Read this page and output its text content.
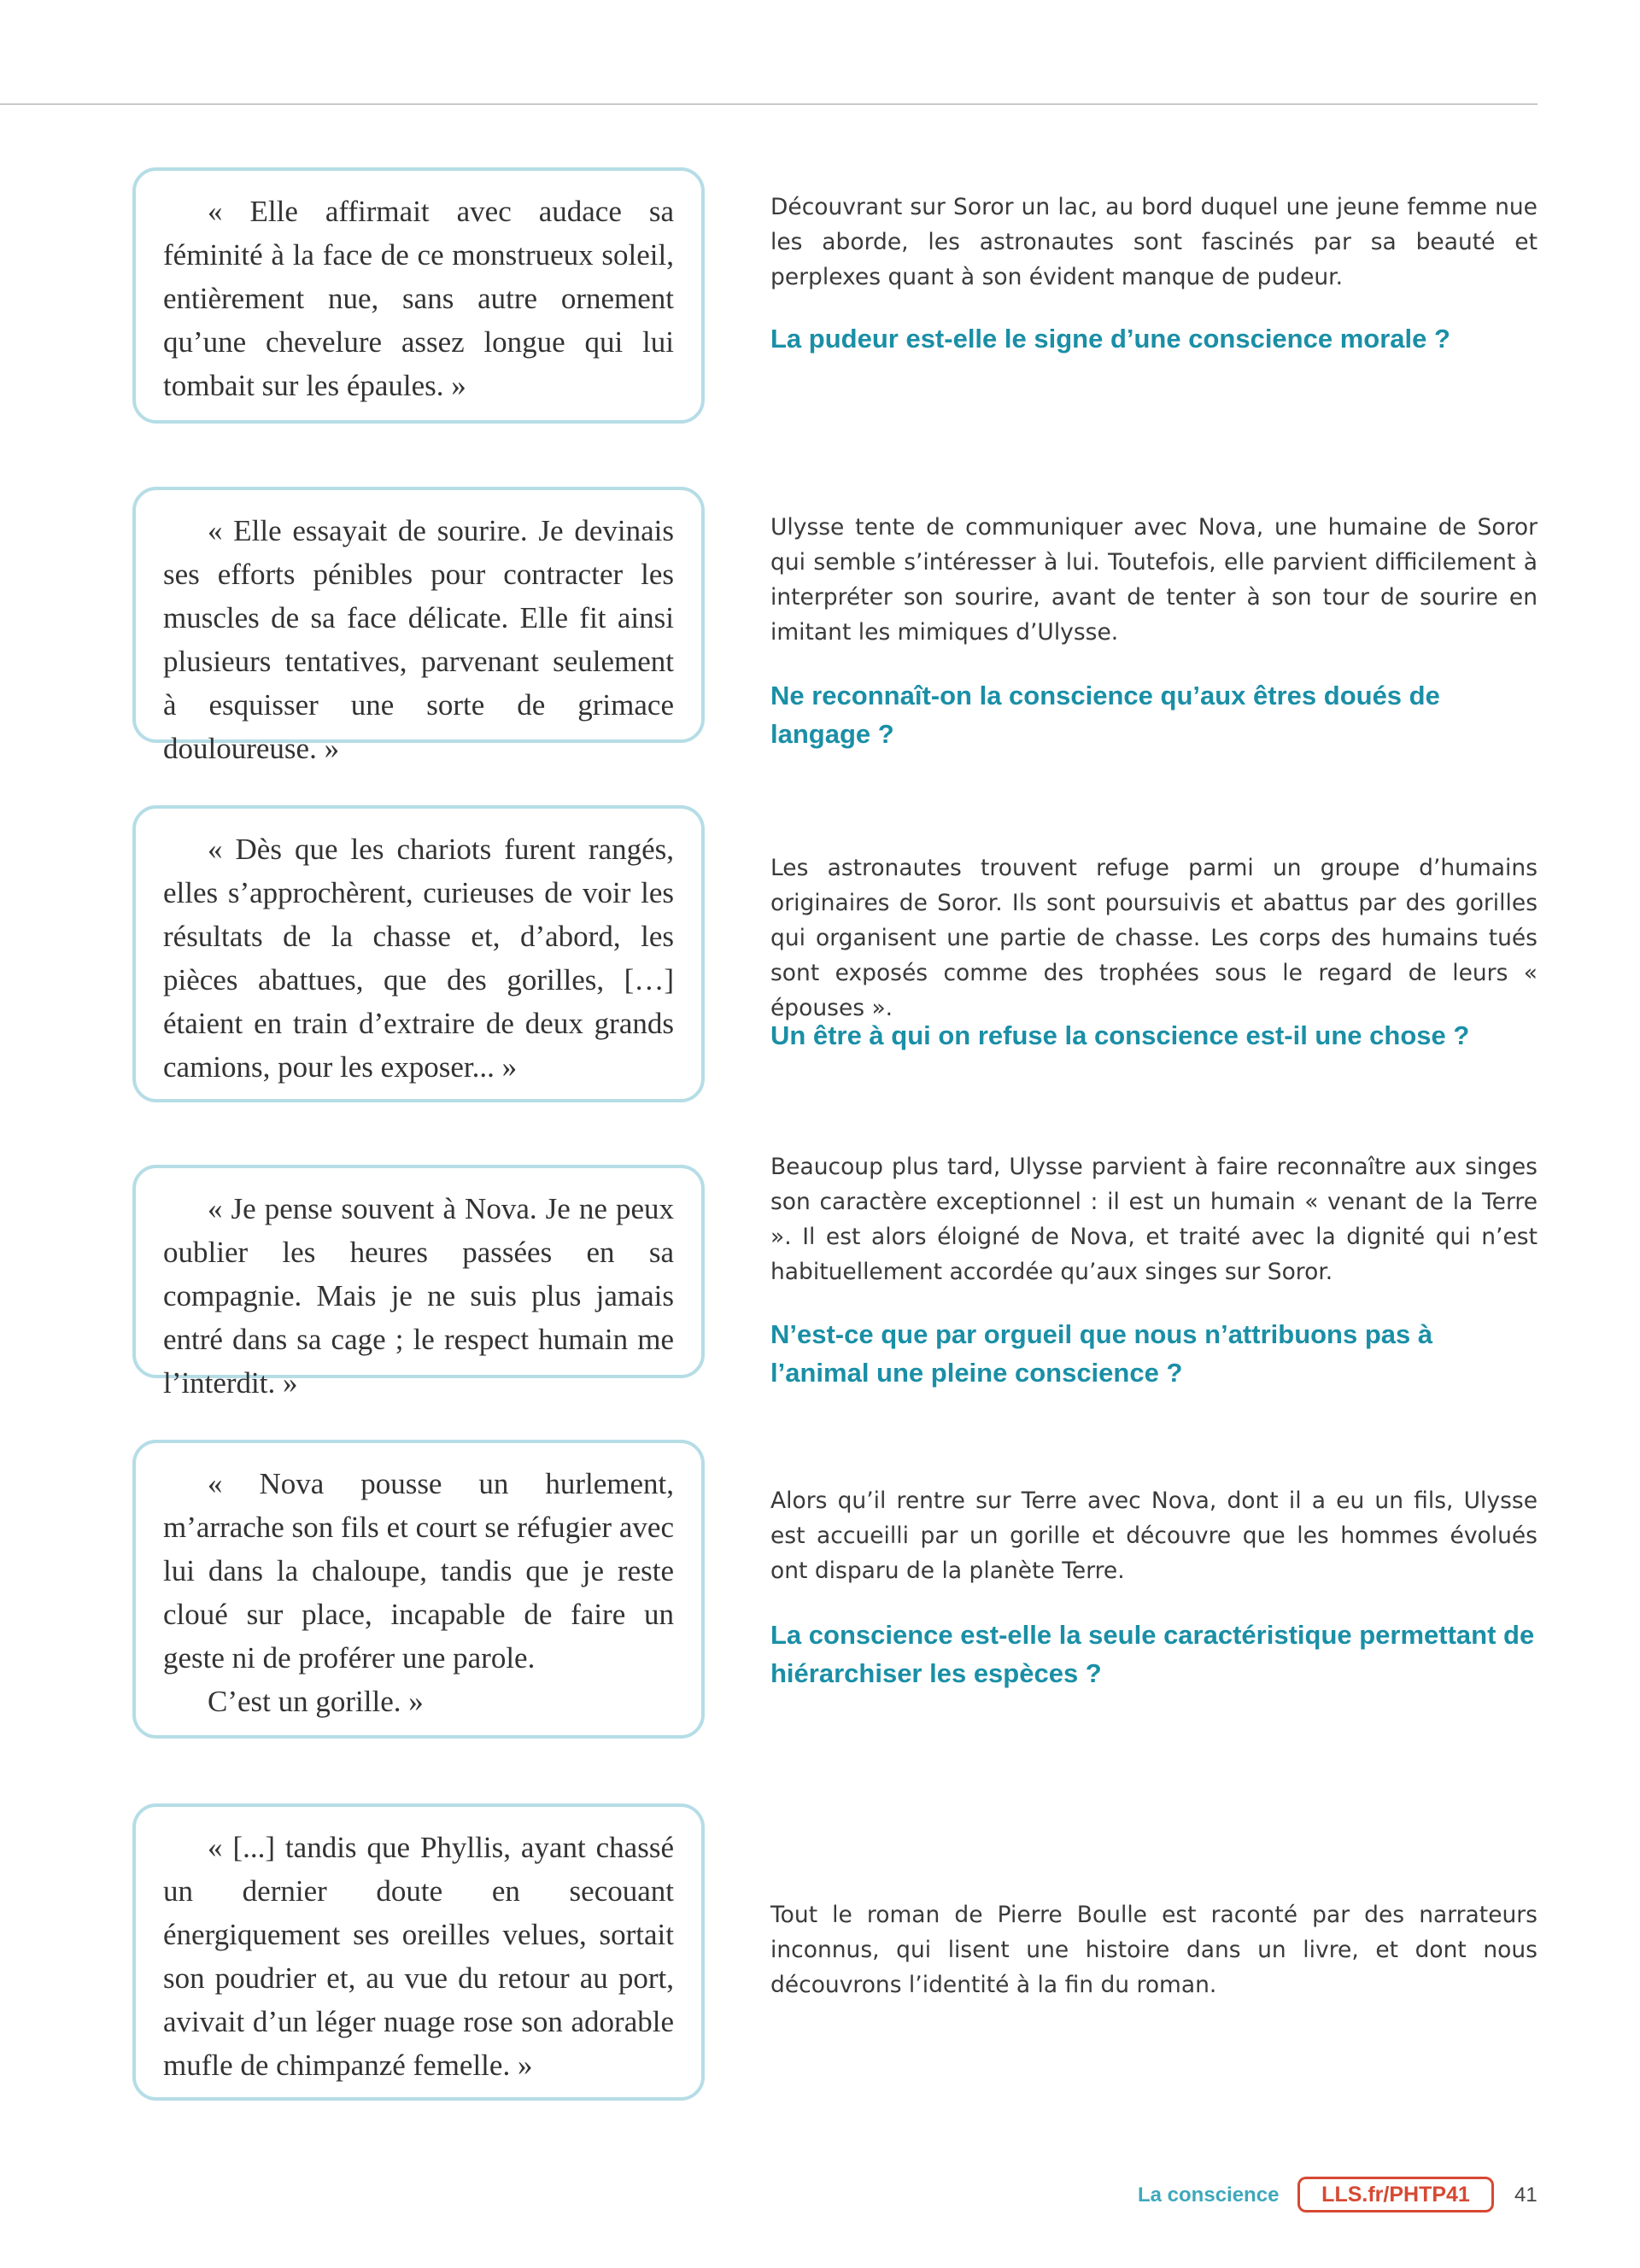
« Elle affirmait avec audace sa féminité à la face de ce monstrueux soleil, entièrement nue, sans autre ornement qu’une chevelure assez longue qui lui tombait sur les épaules. »

Découvrant sur Soror un lac, au bord duquel une jeune femme nue les aborde, les astronautes sont fascinés par sa beauté et perplexes quant à son évident manque de pudeur.

La pudeur est-elle le signe d’une conscience morale ?

« Elle essayait de sourire. Je devinais ses efforts pénibles pour contracter les muscles de sa face délicate. Elle fit ainsi plusieurs tentatives, parvenant seulement à esquisser une sorte de grimace douloureuse. »

Ulysse tente de communiquer avec Nova, une humaine de Soror qui semble s’intéresser à lui. Toutefois, elle parvient difficilement à interpréter son sourire, avant de tenter à son tour de sourire en imitant les mimiques d’Ulysse.

Ne reconnaît-on la conscience qu’aux êtres doués de langage ?

« Dès que les chariots furent rangés, elles s’approchèrent, curieuses de voir les résultats de la chasse et, d’abord, les pièces abattues, que des gorilles, […] étaient en train d’extraire de deux grands camions, pour les exposer... »

Les astronautes trouvent refuge parmi un groupe d’humains originaires de Soror. Ils sont poursuivis et abattus par des gorilles qui organisent une partie de chasse. Les corps des humains tués sont exposés comme des trophées sous le regard de leurs « épouses ».

Un être à qui on refuse la conscience est-il une chose ?

« Je pense souvent à Nova. Je ne peux oublier les heures passées en sa compagnie. Mais je ne suis plus jamais entré dans sa cage ; le respect humain me l’interdit. »

Beaucoup plus tard, Ulysse parvient à faire reconnaître aux singes son caractère exceptionnel : il est un humain « venant de la Terre ». Il est alors éloigné de Nova, et traité avec la dignité qui n’est habituellement accordée qu’aux singes sur Soror.

N’est-ce que par orgueil que nous n’attribuons pas à l’animal une pleine conscience ?

« Nova pousse un hurlement, m’arrache son fils et court se réfugier avec lui dans la chaloupe, tandis que je reste cloué sur place, incapable de faire un geste ni de proférer une parole.

C’est un gorille. »

Alors qu’il rentre sur Terre avec Nova, dont il a eu un fils, Ulysse est accueilli par un gorille et découvre que les hommes évolués ont disparu de la planète Terre.

La conscience est-elle la seule caractéristique permettant de hiérarchiser les espèces ?

« [...] tandis que Phyllis, ayant chassé un dernier doute en secouant énergiquement ses oreilles velues, sortait son poudrier et, au vue du retour au port, avivait d’un léger nuage rose son adorable mufle de chimpanzé femelle. »

Tout le roman de Pierre Boulle est raconté par des narrateurs inconnus, qui lisent une histoire dans un livre, et dont nous découvrons l’identité à la fin du roman.

La conscience	LLS.fr/PHTP41	41
